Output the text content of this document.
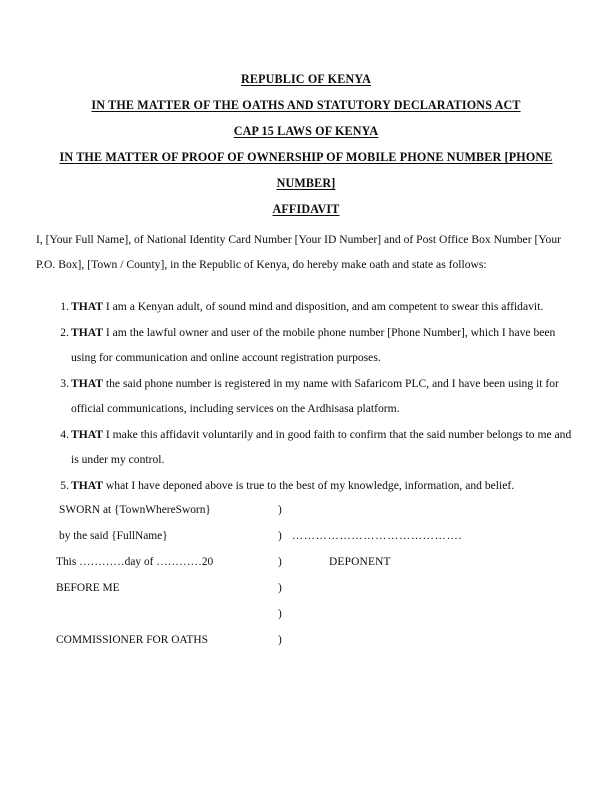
REPUBLIC OF KENYA
IN THE MATTER OF THE OATHS AND STATUTORY DECLARATIONS ACT
CAP 15 LAWS OF KENYA
IN THE MATTER OF PROOF OF OWNERSHIP OF MOBILE PHONE NUMBER [PHONE NUMBER]
AFFIDAVIT

I, [Your Full Name], of National Identity Card Number [Your ID Number] and of Post Office Box Number [Your P.O. Box], [Town / County], in the Republic of Kenya, do hereby make oath and state as follows:

1. THAT I am a Kenyan adult, of sound mind and disposition, and am competent to swear this affidavit.
2. THAT I am the lawful owner and user of the mobile phone number [Phone Number], which I have been using for communication and online account registration purposes.
3. THAT the said phone number is registered in my name with Safaricom PLC, and I have been using it for official communications, including services on the Ardhisasa platform.
4. THAT I make this affidavit voluntarily and in good faith to confirm that the said number belongs to me and is under my control.
5. THAT what I have deponed above is true to the best of my knowledge, information, and belief.
SWORN at {TownWhereSworn}	)
by the said {FullName}	) …………………………………….
This …………day of …………20	)	DEPONENT
BEFORE ME	)
)
COMMISSIONER FOR OATHS	)
